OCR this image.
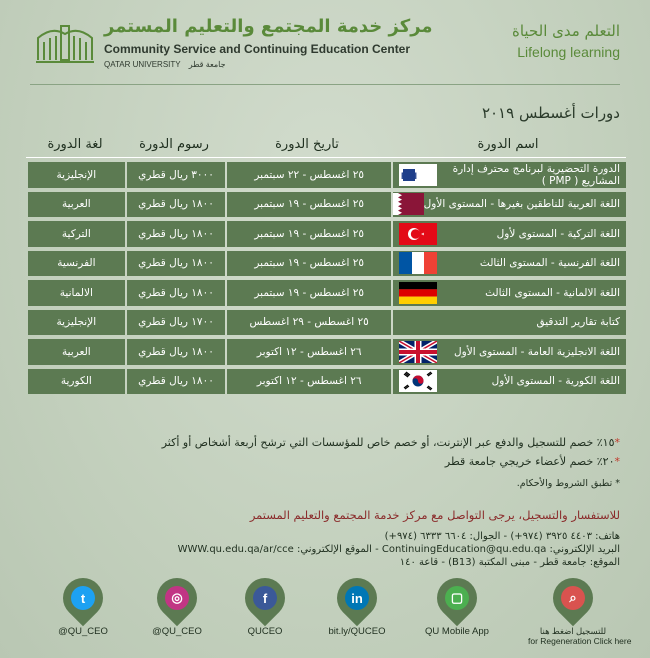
مركز خدمة المجتمع والتعليم المستمر
Community Service and Continuing Education Center
QATAR UNIVERSITY جامعة قطر
التعلم مدى الحياة
Lifelong learning
دورات أغسطس ٢٠١٩
اسم الدورة
تاريخ الدورة
رسوم الدورة
لغة الدورة
الدورة التحضيرية لبرنامج محترف إدارة
المشاريع ( PMP )
PMI
٢٥ اغسطس - ٢٢ سبتمبر
٣٠٠٠ ريال قطري
الإنجليزية
اللغة العربية للناطقين بغيرها - المستوى الأول
٢٥ اغسطس - ١٩ سبتمبر
١٨٠٠ ريال قطري
العربية
اللغة التركية - المستوى لأول
٢٥ اغسطس - ١٩ سبتمبر
١٨٠٠ ريال قطري
التركية
اللغة الفرنسية - المستوى الثالث
٢٥ اغسطس - ١٩ سبتمبر
١٨٠٠ ريال قطري
الفرنسية
اللغة الالمانية - المستوى الثالث
٢٥ اغسطس - ١٩ سبتمبر
١٨٠٠ ريال قطري
الالمانية
كتابة تقارير التدقيق
٢٥ اغسطس - ٢٩ اغسطس
١٧٠٠ ريال قطري
الإنجليزية
اللغة الانجليزية العامة - المستوى الأول
٢٦ اغسطس - ١٢ اكتوبر
١٨٠٠ ريال قطري
العربية
اللغة الكورية - المستوى الأول
٢٦ اغسطس - ١٢ اكتوبر
١٨٠٠ ريال قطري
الكورية
*١٥٪ خصم للتسجيل والدفع عبر الإنترنت، أو خصم خاص للمؤسسات التي ترشح أربعة أشخاص أو أكثر
*٢٠٪ خصم لأعضاء خريجي جامعة قطر
* تطبق الشروط والأحكام.
للاستفسار والتسجيل، يرجى التواصل مع مركز خدمة المجتمع والتعليم المستمر
هاتف: ٤٤٠٣ ٣٩٢٥ (٩٧٤+) - الجوال: ٦٦٠٤ ٦٣٣٣ (٩٧٤+)
البريد الإلكتروني: ContinuingEducation@qu.edu.qa - الموقع الإلكتروني: WWW.qu.edu.qa/ar/cce
الموقع: جامعة قطر - مبنى المكتبة (B13) - قاعة ١٤٠
t
@QU_CEO
◎
@QU_CEO
f
QUCEO
in
bit.ly/QUCEO
▢
QU Mobile App
⌕
للتسجيل اضغط هنا
for Regeneration Click here
